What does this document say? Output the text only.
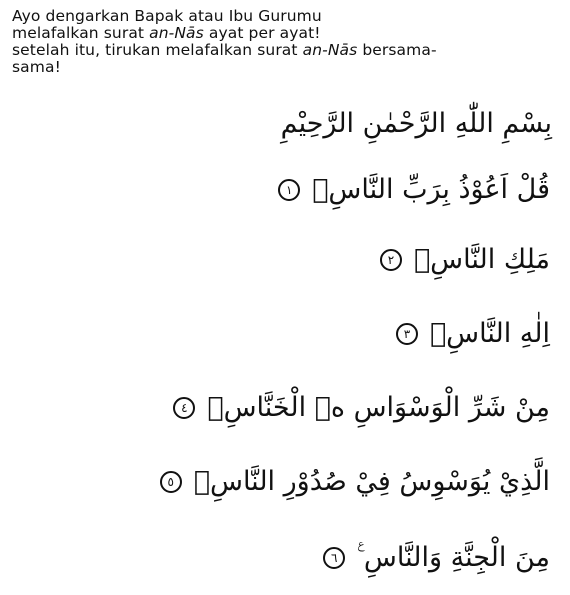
Ayo dengarkan Bapak atau Ibu Gurumu

melafalkan surat an-Nās ayat per ayat!

setelah itu, tirukan melafalkan surat an-Nās bersama-

sama!

بِسْمِ اللّٰهِ الرَّحْمٰنِ الرَّحِيْمِ
قُلْ اَعُوْذُ بِرَبِّ النَّاسِۙ
١
مَلِكِ النَّاسِۙ
٢
اِلٰهِ النَّاسِۙ
٣
مِنْ شَرِّ الْوَسْوَاسِ ەۙ الْخَنَّاسِۖ
٤
الَّذِيْ يُوَسْوِسُ فِيْ صُدُوْرِ النَّاسِۙ
٥
مِنَ الْجِنَّةِ وَالنَّاسِ ࣖ
٦
